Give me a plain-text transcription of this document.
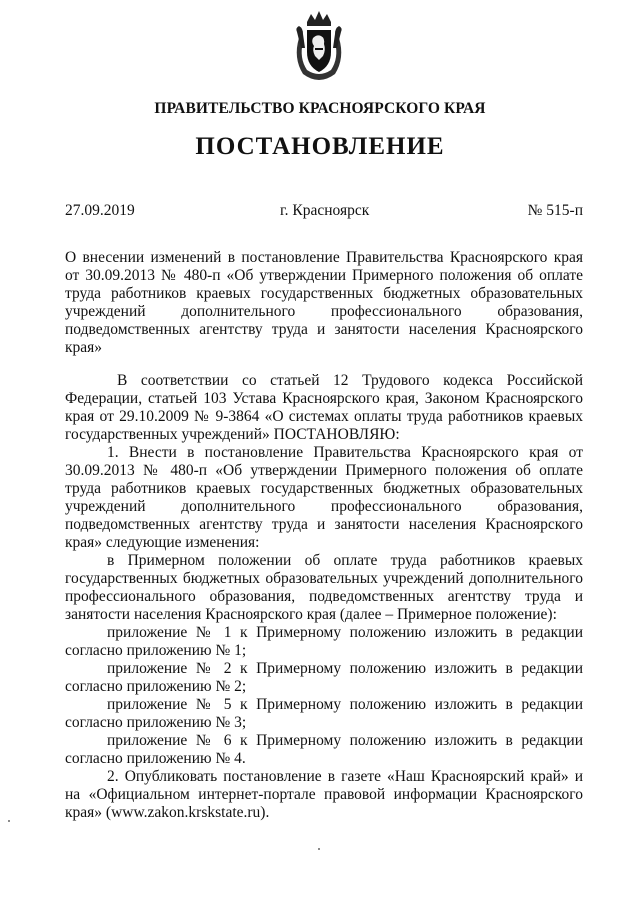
ПРАВИТЕЛЬСТВО КРАСНОЯРСКОГО КРАЯ
ПОСТАНОВЛЕНИЕ
27.09.2019	г. Красноярск	№ 515-п
О внесении изменений в постановление Правительства Красноярского края от 30.09.2013 № 480-п «Об утверждении Примерного положения об оплате труда работников краевых государственных бюджетных образовательных учреждений дополнительного профессионального образования, подведомственных агентству труда и занятости населения Красноярского края»

В соответствии со статьей 12 Трудового кодекса Российской Федерации, статьей 103 Устава Красноярского края, Законом Красноярского края от 29.10.2009 № 9-3864 «О системах оплаты труда работников краевых государственных учреждений» ПОСТАНОВЛЯЮ:

1. Внести в постановление Правительства Красноярского края от 30.09.2013 № 480-п «Об утверждении Примерного положения об оплате труда работников краевых государственных бюджетных образовательных учреждений дополнительного профессионального образования, подведомственных агентству труда и занятости населения Красноярского края» следующие изменения:

в Примерном положении об оплате труда работников краевых государственных бюджетных образовательных учреждений дополнительного профессионального образования, подведомственных агентству труда и занятости населения Красноярского края (далее – Примерное положение):

приложение № 1 к Примерному положению изложить в редакции согласно приложению № 1;

приложение № 2 к Примерному положению изложить в редакции согласно приложению № 2;

приложение № 5 к Примерному положению изложить в редакции согласно приложению № 3;

приложение № 6 к Примерному положению изложить в редакции согласно приложению № 4.

2. Опубликовать постановление в газете «Наш Красноярский край» и на «Официальном интернет-портале правовой информации Красноярского края» (www.zakon.krskstate.ru).
